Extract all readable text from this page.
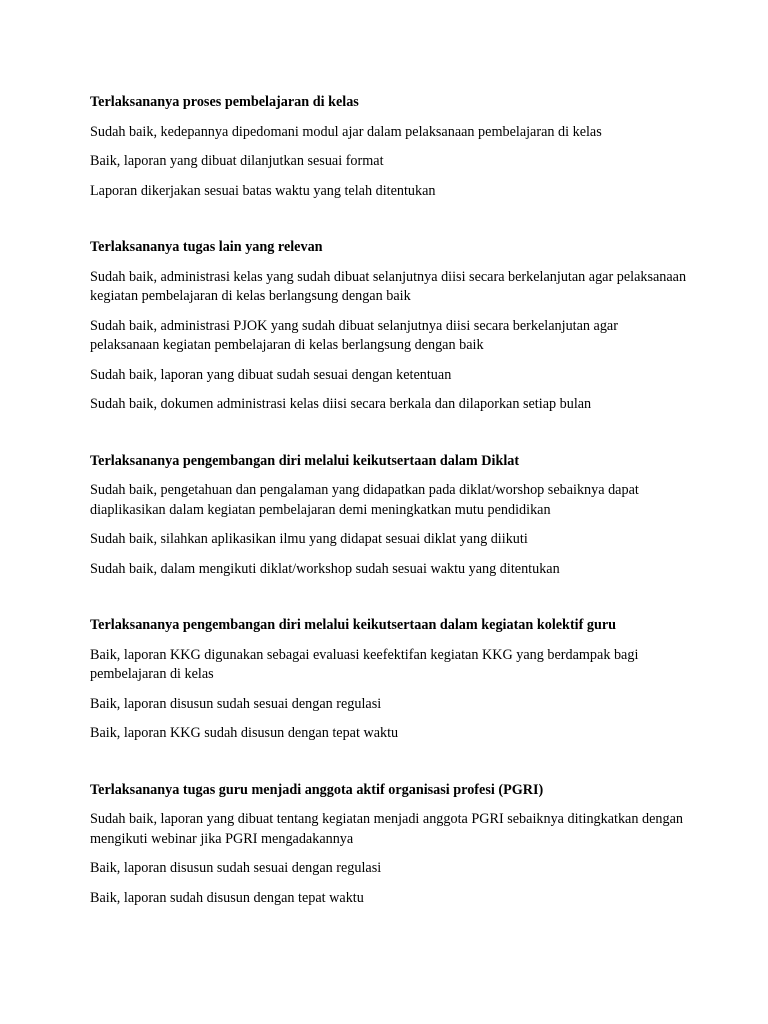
Terlaksananya proses pembelajaran di kelas
Sudah baik, kedepannya dipedomani modul ajar dalam pelaksanaan pembelajaran di kelas
Baik, laporan yang dibuat dilanjutkan sesuai format
Laporan dikerjakan sesuai batas waktu yang telah ditentukan
Terlaksananya tugas lain yang relevan
Sudah baik, administrasi kelas yang sudah dibuat selanjutnya diisi secara berkelanjutan agar pelaksanaan kegiatan pembelajaran di kelas berlangsung dengan baik
Sudah baik, administrasi PJOK yang sudah dibuat selanjutnya diisi secara berkelanjutan agar pelaksanaan kegiatan pembelajaran di kelas berlangsung dengan baik
Sudah baik, laporan yang dibuat sudah sesuai dengan ketentuan
Sudah baik, dokumen administrasi kelas diisi secara berkala dan dilaporkan setiap bulan
Terlaksananya pengembangan diri melalui keikutsertaan dalam Diklat
Sudah baik, pengetahuan dan pengalaman yang didapatkan pada diklat/worshop sebaiknya dapat diaplikasikan dalam kegiatan pembelajaran demi meningkatkan mutu pendidikan
Sudah baik, silahkan aplikasikan ilmu yang didapat sesuai diklat yang diikuti
Sudah baik, dalam mengikuti diklat/workshop sudah sesuai waktu yang ditentukan
Terlaksananya pengembangan diri melalui keikutsertaan dalam kegiatan kolektif guru
Baik, laporan KKG digunakan sebagai evaluasi keefektifan kegiatan KKG yang berdampak bagi pembelajaran di kelas
Baik, laporan disusun sudah sesuai dengan regulasi
Baik, laporan KKG sudah disusun dengan tepat waktu
Terlaksananya tugas guru menjadi anggota aktif organisasi profesi (PGRI)
Sudah baik, laporan yang dibuat tentang kegiatan menjadi anggota PGRI sebaiknya ditingkatkan dengan mengikuti webinar jika PGRI mengadakannya
Baik, laporan disusun sudah sesuai dengan regulasi
Baik, laporan sudah disusun dengan tepat waktu
